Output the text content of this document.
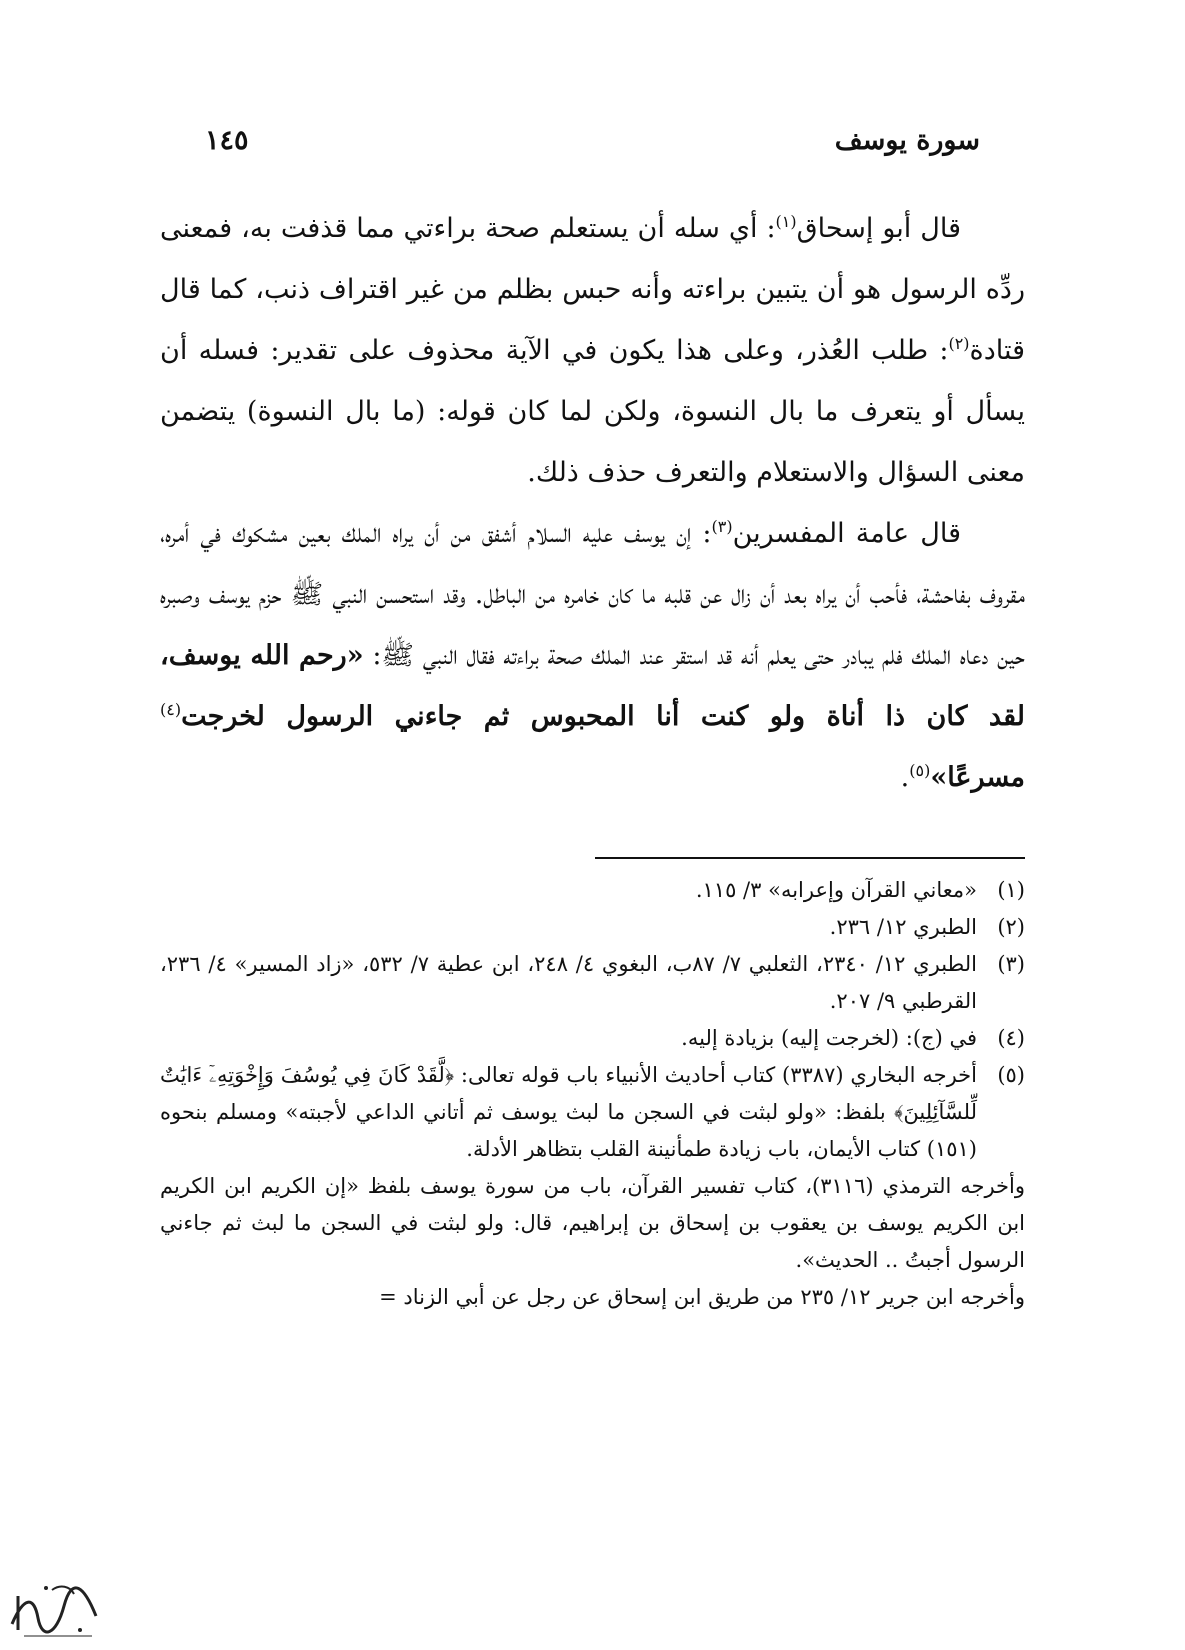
سورة يوسف
١٤٥

قال أبو إسحاق$^{(١)}$: أي سله أن يستعلم صحة براءتي مما قذفت به، فمعنى ردِّه الرسول هو أن يتبين براءته وأنه حبس بظلم من غير اقتراف ذنب، كما قال قتادة$^{(٢)}$: طلب العُذر، وعلى هذا يكون في الآية محذوف على تقدير: فسله أن يسأل أو يتعرف ما بال النسوة، ولكن لما كان قوله: (ما بال النسوة) يتضمن معنى السؤال والاستعلام والتعرف حذف ذلك.

قال عامة المفسرين$^{(٣)}$: إن يوسف عليه السلام أشفق من أن يراه الملك بعين مشكوك في أمره، مقروف بفاحشة، فأحب أن يراه بعد أن زال عن قلبه ما كان خامره من الباطل. وقد استحسن النبي ﷺ حزم يوسف وصبره حين دعاه الملك فلم يبادر حتى يعلم أنه قد استقر عند الملك صحة براءته فقال النبي ﷺ: «رحم الله يوسف، لقد كان ذا أناة ولو كنت أنا المحبوس ثم جاءني الرسول لخرجت$^{(٤)}$ مسرعًا»$^{(٥)}$.

(١)
«معاني القرآن وإعرابه» ٣/ ١١٥.
(٢)
الطبري ١٢/ ٢٣٦.
(٣)
الطبري ١٢/ ٢٣٤٠، الثعلبي ٧/ ٨٧ب، البغوي ٤/ ٢٤٨، ابن عطية ٧/ ٥٣٢، «زاد المسير» ٤/ ٢٣٦، القرطبي ٩/ ٢٠٧.
(٤)
في (ج): (لخرجت إليه) بزيادة إليه.
(٥)
أخرجه البخاري (٣٣٨٧) كتاب أحاديث الأنبياء باب قوله تعالى: ﴿لَّقَدْ كَانَ فِي يُوسُفَ وَإِخْوَتِهِۦٓ ءَايَٰتٌ لِّلسَّآئِلِينَ﴾ بلفظ: «ولو لبثت في السجن ما لبث يوسف ثم أتاني الداعي لأجبته» ومسلم بنحوه (١٥١) كتاب الأيمان، باب زيادة طمأنينة القلب بتظاهر الأدلة.

وأخرجه الترمذي (٣١١٦)، كتاب تفسير القرآن، باب من سورة يوسف بلفظ «إن الكريم ابن الكريم ابن الكريم يوسف بن يعقوب بن إسحاق بن إبراهيم، قال: ولو لبثت في السجن ما لبث ثم جاءني الرسول أجبتُ .. الحديث».

وأخرجه ابن جرير ١٢/ ٢٣٥ من طريق ابن إسحاق عن رجل عن أبي الزناد =
